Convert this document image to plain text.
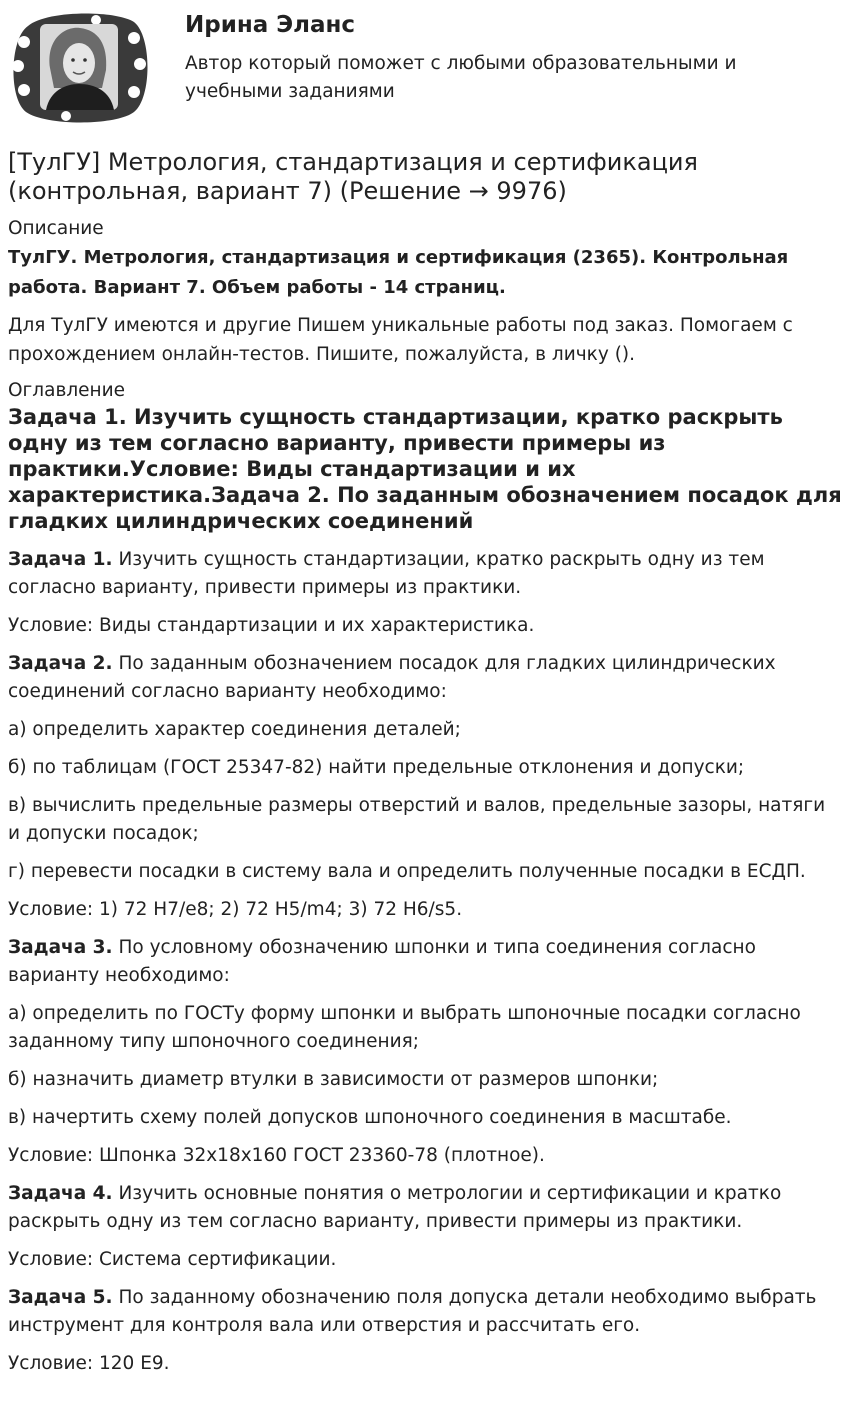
Ирина Эланс
Автор который поможет с любыми образовательными и учебными заданиями
[ТулГУ] Метрология, стандартизация и сертификация (контрольная, вариант 7) (Решение → 9976)
Описание
ТулГУ. Метрология, стандартизация и сертификация (2365). Контрольная работа. Вариант 7. Объем работы - 14 страниц.
Для ТулГУ имеются и другие Пишем уникальные работы под заказ. Помогаем с прохождением онлайн-тестов. Пишите, пожалуйста, в личку ().
Оглавление
Задача 1. Изучить сущность стандартизации, кратко раскрыть одну из тем согласно варианту, привести примеры из практики.Условие: Виды стандартизации и их характеристика.Задача 2. По заданным обозначением посадок для гладких цилиндрических соединений

Задача 1. Изучить сущность стандартизации, кратко раскрыть одну из тем согласно варианту, привести примеры из практики.

Условие: Виды стандартизации и их характеристика.

Задача 2. По заданным обозначением посадок для гладких цилиндрических соединений согласно варианту необходимо:

а) определить характер соединения деталей;

б) по таблицам (ГОСТ 25347-82) найти предельные отклонения и допуски;

в) вычислить предельные размеры отверстий и валов, предельные зазоры, натяги и допуски посадок;

г) перевести посадки в систему вала и определить полученные посадки в ЕСДП.

Условие: 1) 72 Н7/е8; 2) 72 Н5/m4; 3) 72 Н6/s5.

Задача 3. По условному обозначению шпонки и типа соединения согласно варианту необходимо:

а) определить по ГОСТу форму шпонки и выбрать шпоночные посадки согласно заданному типу шпоночного соединения;

б) назначить диаметр втулки в зависимости от размеров шпонки;

в) начертить схему полей допусков шпоночного соединения в масштабе.

Условие: Шпонка 32х18х160 ГОСТ 23360-78 (плотное).

Задача 4. Изучить основные понятия о метрологии и сертификации и кратко раскрыть одну из тем согласно варианту, привести примеры из практики.

Условие: Система сертификации.

Задача 5. По заданному обозначению поля допуска детали необходимо выбрать инструмент для контроля вала или отверстия и рассчитать его.

Условие: 120 Е9.
